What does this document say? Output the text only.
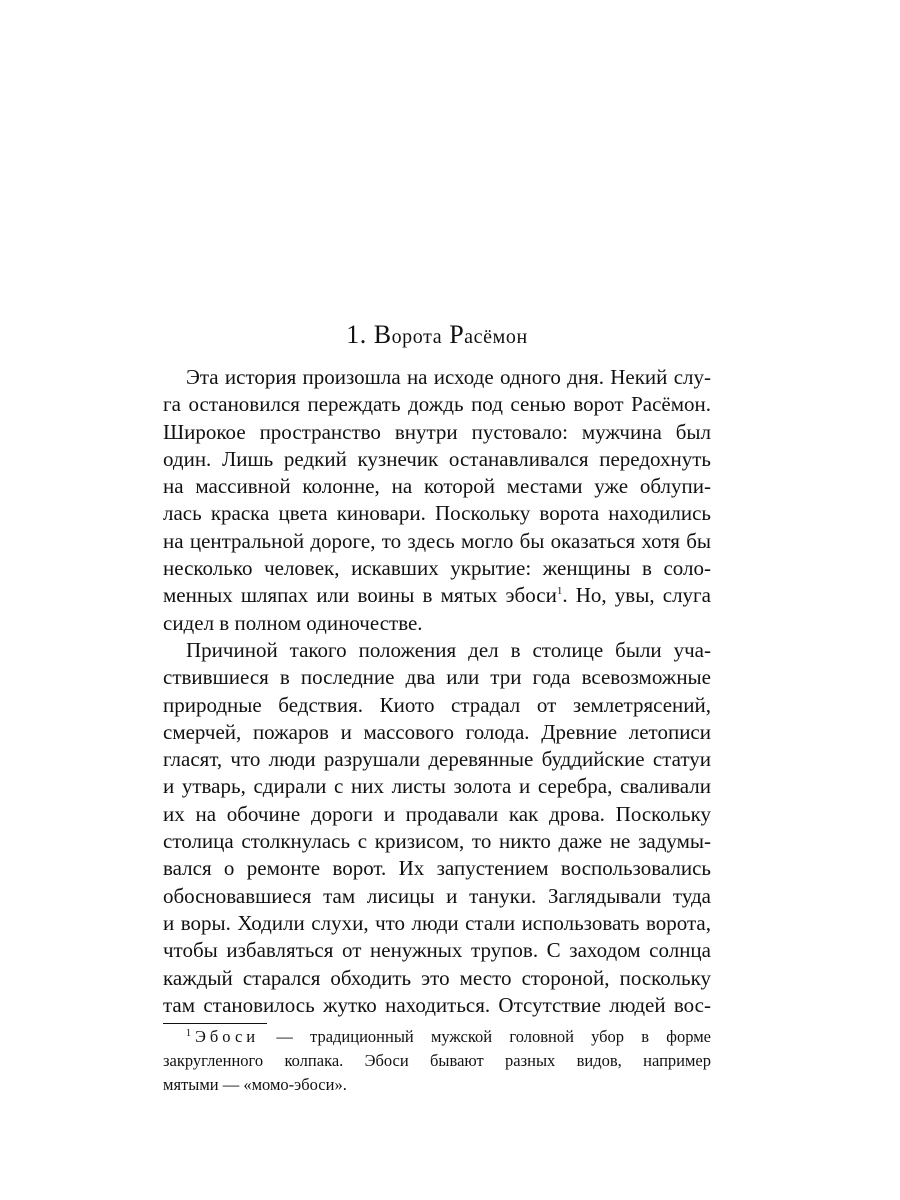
1. Ворота Расёмон
Эта история произошла на исходе одного дня. Некий слу-
га остановился переждать дождь под сенью ворот Расёмон.
Широкое пространство внутри пустовало: мужчина был
один. Лишь редкий кузнечик останавливался передохнуть
на массивной колонне, на которой местами уже облупи-
лась краска цвета киновари. Поскольку ворота находились
на центральной дороге, то здесь могло бы оказаться хотя бы
несколько человек, искавших укрытие: женщины в соло-
менных шляпах или воины в мятых эбоси$^1$. Но, увы, слуга
сидел в полном одиночестве.
Причиной такого положения дел в столице были уча-
ствившиеся в последние два или три года всевозможные
природные бедствия. Киото страдал от землетрясений,
смерчей, пожаров и массового голода. Древние летописи
гласят, что люди разрушали деревянные буддийские статуи
и утварь, сдирали с них листы золота и серебра, сваливали
их на обочине дороги и продавали как дрова. Поскольку
столица столкнулась с кризисом, то никто даже не задумы-
вался о ремонте ворот. Их запустением воспользовались
обосновавшиеся там лисицы и тануки. Заглядывали туда
и воры. Ходили слухи, что люди стали использовать ворота,
чтобы избавляться от ненужных трупов. С заходом солнца
каждый старался обходить это место стороной, поскольку
там становилось жутко находиться. Отсутствие людей вос-
$^1$ Эбоси — традиционный мужской головной убор в форме
закругленного колпака. Эбоси бывают разных видов, например
мятыми — «момо-эбоси».
